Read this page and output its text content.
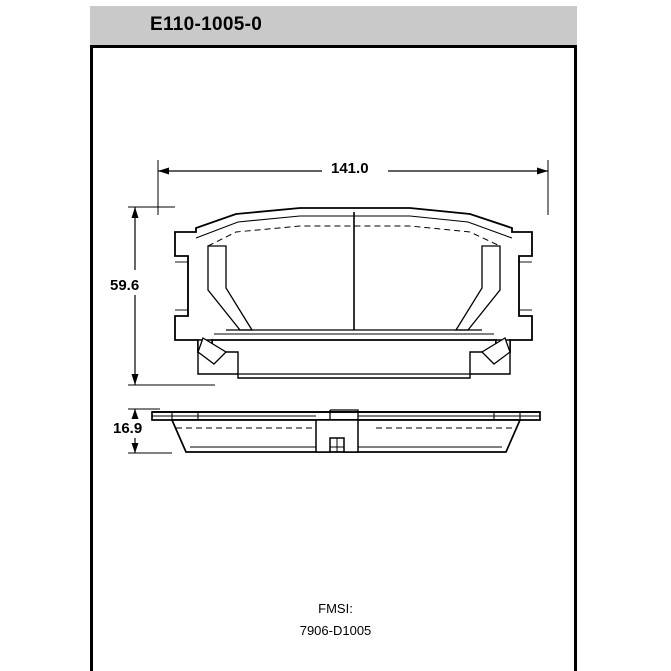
E110-1005-0
141.0
59.6
16.9
FMSI:
7906-D1005
